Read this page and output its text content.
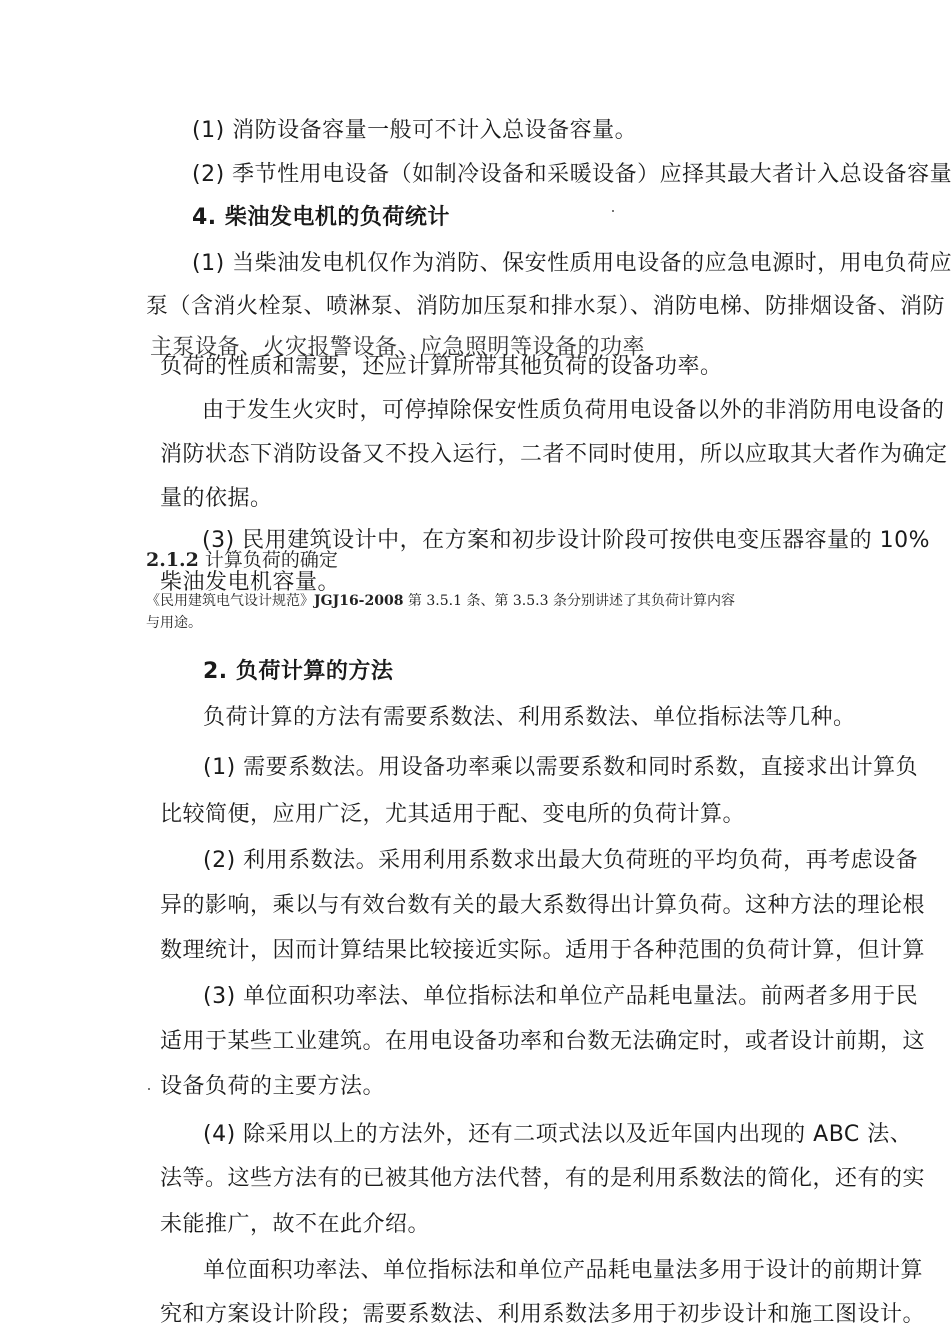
(1) 消防设备容量一般可不计入总设备容量。
(2) 季节性用电设备（如制冷设备和采暖设备）应择其最大者计入总设备容量
4. 柴油发电机的负荷统计
(1) 当柴油发电机仅作为消防、保安性质用电设备的应急电源时，用电负荷应
泵（含消火栓泵、喷淋泵、消防加压泵和排水泵）、消防电梯、防排烟设备、消防
主泵设备、火灾报警设备、应急照明等设备的功率
负荷的性质和需要，还应计算所带其他负荷的设备功率。
由于发生火灾时，可停掉除保安性质负荷用电设备以外的非消防用电设备的
消防状态下消防设备又不投入运行，二者不同时使用，所以应取其大者作为确定
量的依据。
(3) 民用建筑设计中，在方案和初步设计阶段可按供电变压器容量的 10%
柴油发电机容量。
2.1.2 计算负荷的确定
《民用建筑电气设计规范》JGJ16-2008 第 3.5.1 条、第 3.5.3 条分别讲述了其负荷计算内容
与用途。
2. 负荷计算的方法
负荷计算的方法有需要系数法、利用系数法、单位指标法等几种。
(1) 需要系数法。用设备功率乘以需要系数和同时系数，直接求出计算负
比较简便，应用广泛，尤其适用于配、变电所的负荷计算。
(2) 利用系数法。采用利用系数求出最大负荷班的平均负荷，再考虑设备
异的影响，乘以与有效台数有关的最大系数得出计算负荷。这种方法的理论根
数理统计，因而计算结果比较接近实际。适用于各种范围的负荷计算，但计算
(3) 单位面积功率法、单位指标法和单位产品耗电量法。前两者多用于民
适用于某些工业建筑。在用电设备功率和台数无法确定时，或者设计前期，这
设备负荷的主要方法。
(4) 除采用以上的方法外，还有二项式法以及近年国内出现的 ABC 法、
法等。这些方法有的已被其他方法代替，有的是利用系数法的简化，还有的实
未能推广，故不在此介绍。
单位面积功率法、单位指标法和单位产品耗电量法多用于设计的前期计算
究和方案设计阶段；需要系数法、利用系数法多用于初步设计和施工图设计。
